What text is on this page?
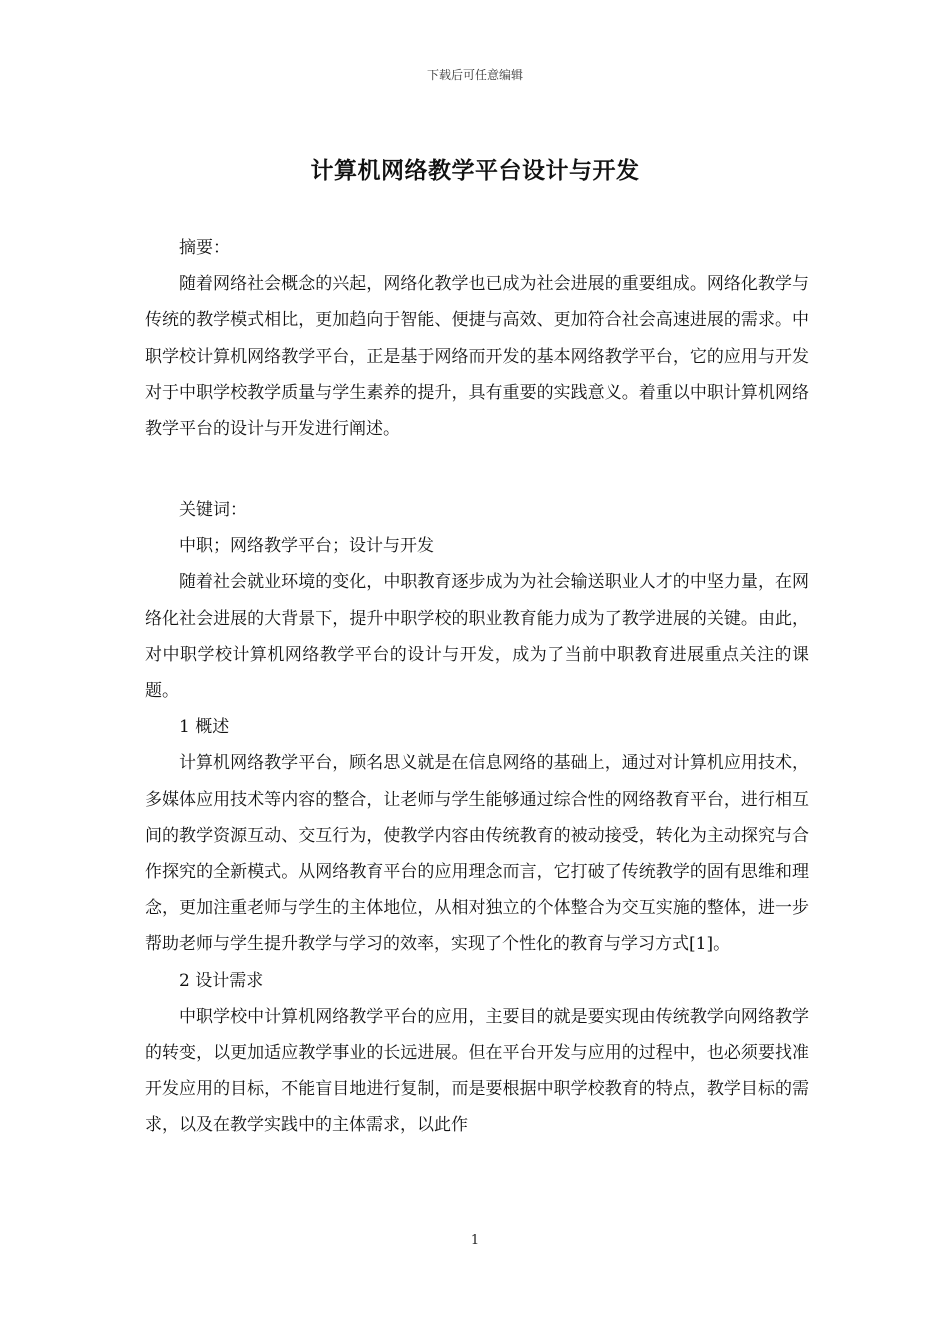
下载后可任意编辑
计算机网络教学平台设计与开发

摘要：

随着网络社会概念的兴起，网络化教学也已成为社会进展的重要组成。网络化教学与传统的教学模式相比，更加趋向于智能、便捷与高效、更加符合社会高速进展的需求。中职学校计算机网络教学平台，正是基于网络而开发的基本网络教学平台，它的应用与开发对于中职学校教学质量与学生素养的提升，具有重要的实践意义。着重以中职计算机网络教学平台的设计与开发进行阐述。

关键词：

中职；网络教学平台；设计与开发

随着社会就业环境的变化，中职教育逐步成为为社会输送职业人才的中坚力量，在网络化社会进展的大背景下，提升中职学校的职业教育能力成为了教学进展的关键。由此，对中职学校计算机网络教学平台的设计与开发，成为了当前中职教育进展重点关注的课题。

1 概述

计算机网络教学平台，顾名思义就是在信息网络的基础上，通过对计算机应用技术，多媒体应用技术等内容的整合，让老师与学生能够通过综合性的网络教育平台，进行相互间的教学资源互动、交互行为，使教学内容由传统教育的被动接受，转化为主动探究与合作探究的全新模式。从网络教育平台的应用理念而言，它打破了传统教学的固有思维和理念，更加注重老师与学生的主体地位，从相对独立的个体整合为交互实施的整体，进一步帮助老师与学生提升教学与学习的效率，实现了个性化的教育与学习方式[1]。

2 设计需求

中职学校中计算机网络教学平台的应用，主要目的就是要实现由传统教学向网络教学的转变，以更加适应教学事业的长远进展。但在平台开发与应用的过程中，也必须要找准开发应用的目标，不能盲目地进行复制，而是要根据中职学校教育的特点，教学目标的需求，以及在教学实践中的主体需求，以此作

1
